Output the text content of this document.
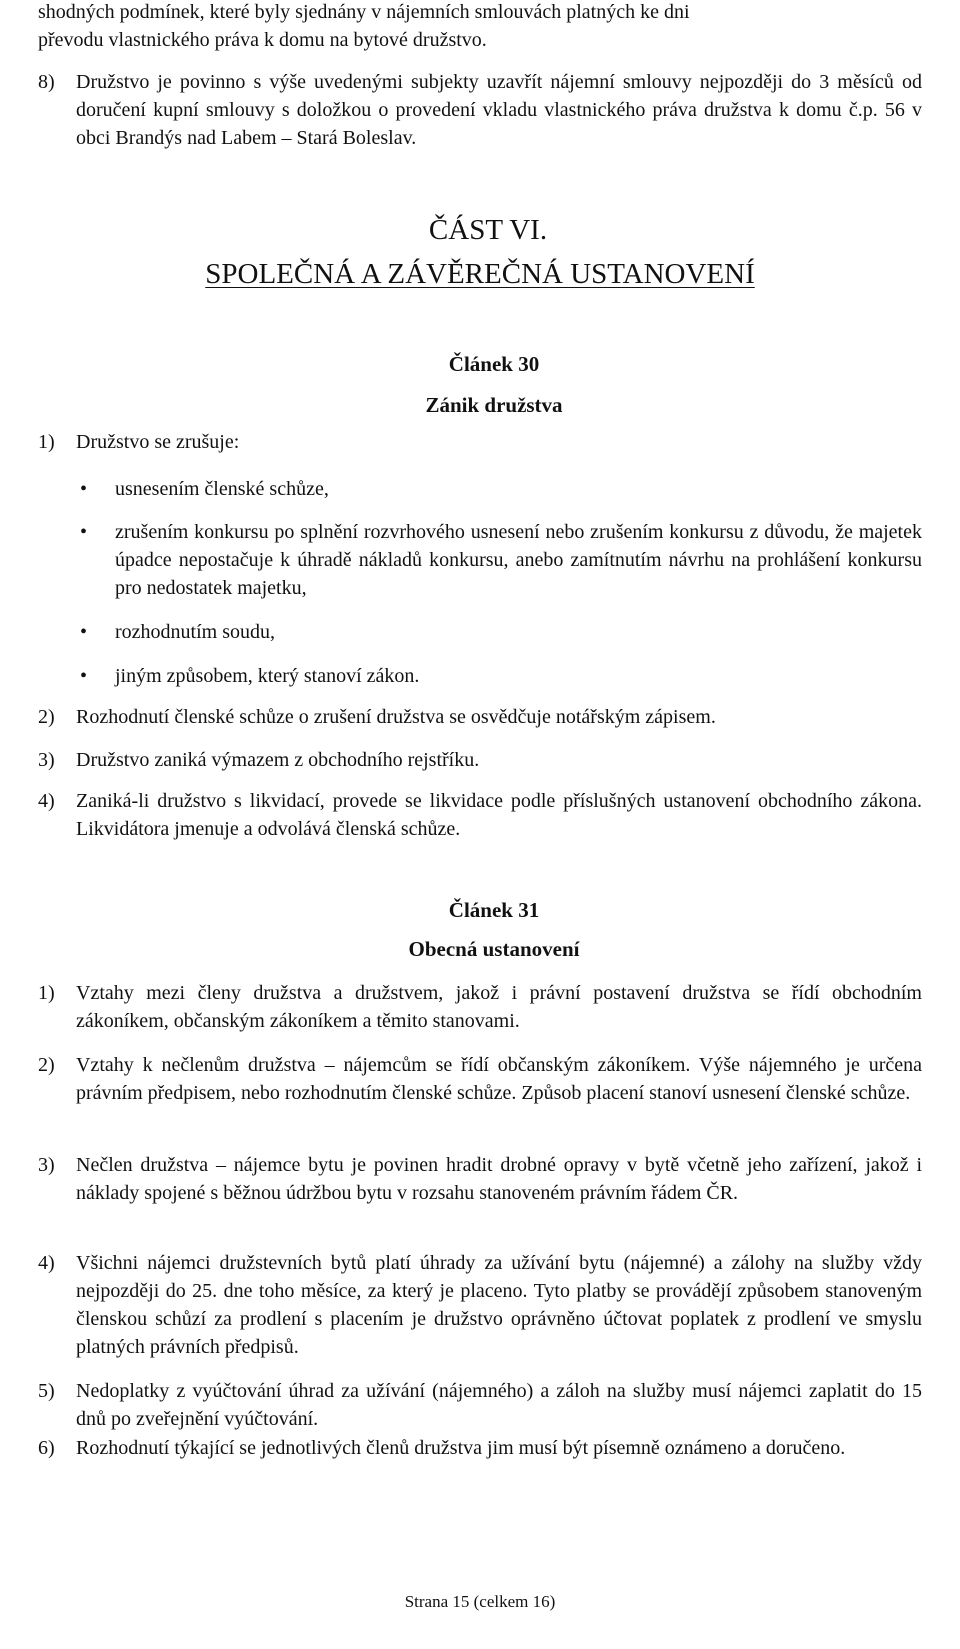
shodných podmínek, které byly sjednány v nájemních smlouvách platných ke dni

převodu vlastnického práva k domu na bytové družstvo.

8) Družstvo je povinno s výše uvedenými subjekty uzavřít nájemní smlouvy nejpozději do 3 měsíců od doručení kupní smlouvy s doložkou o provedení vkladu vlastnického práva družstva k domu č.p. 56 v obci Brandýs nad Labem – Stará Boleslav.

ČÁST VI.

SPOLEČNÁ A ZÁVĚREČNÁ USTANOVENÍ

Článek 30

Zánik družstva

1) Družstvo se zrušuje:

• usnesením členské schůze,

• zrušením konkursu po splnění rozvrhového usnesení nebo zrušením konkursu z důvodu, že majetek úpadce nepostačuje k úhradě nákladů konkursu, anebo zamítnutím návrhu na prohlášení konkursu pro nedostatek majetku,

• rozhodnutím soudu,

• jiným způsobem, který stanoví zákon.

2) Rozhodnutí členské schůze o zrušení družstva se osvědčuje notářským zápisem.

3) Družstvo zaniká výmazem z obchodního rejstříku.

4) Zaniká-li družstvo s likvidací, provede se likvidace podle příslušných ustanovení obchodního zákona. Likvidátora jmenuje a odvolává členská schůze.

Článek 31

Obecná ustanovení

1) Vztahy mezi členy družstva a družstvem, jakož i právní postavení družstva se řídí obchodním zákoníkem, občanským zákoníkem a těmito stanovami.

2) Vztahy k nečlenům družstva – nájemcům se řídí občanským zákoníkem. Výše nájemného je určena právním předpisem, nebo rozhodnutím členské schůze. Způsob placení stanoví usnesení členské schůze.

3) Nečlen družstva – nájemce bytu je povinen hradit drobné opravy v bytě včetně jeho zařízení, jakož i náklady spojené s běžnou údržbou bytu v rozsahu stanoveném právním řádem ČR.

4) Všichni nájemci družstevních bytů platí úhrady za užívání bytu (nájemné) a zálohy na služby vždy nejpozději do 25. dne toho měsíce, za který je placeno. Tyto platby se provádějí způsobem stanoveným členskou schůzí za prodlení s placením je družstvo oprávněno účtovat poplatek z prodlení ve smyslu platných právních předpisů.

5) Nedoplatky z vyúčtování úhrad za užívání (nájemného) a záloh na služby musí nájemci zaplatit do 15 dnů po zveřejnění vyúčtování.

6) Rozhodnutí týkající se jednotlivých členů družstva jim musí být písemně oznámeno a doručeno.

Strana 15 (celkem 16)
